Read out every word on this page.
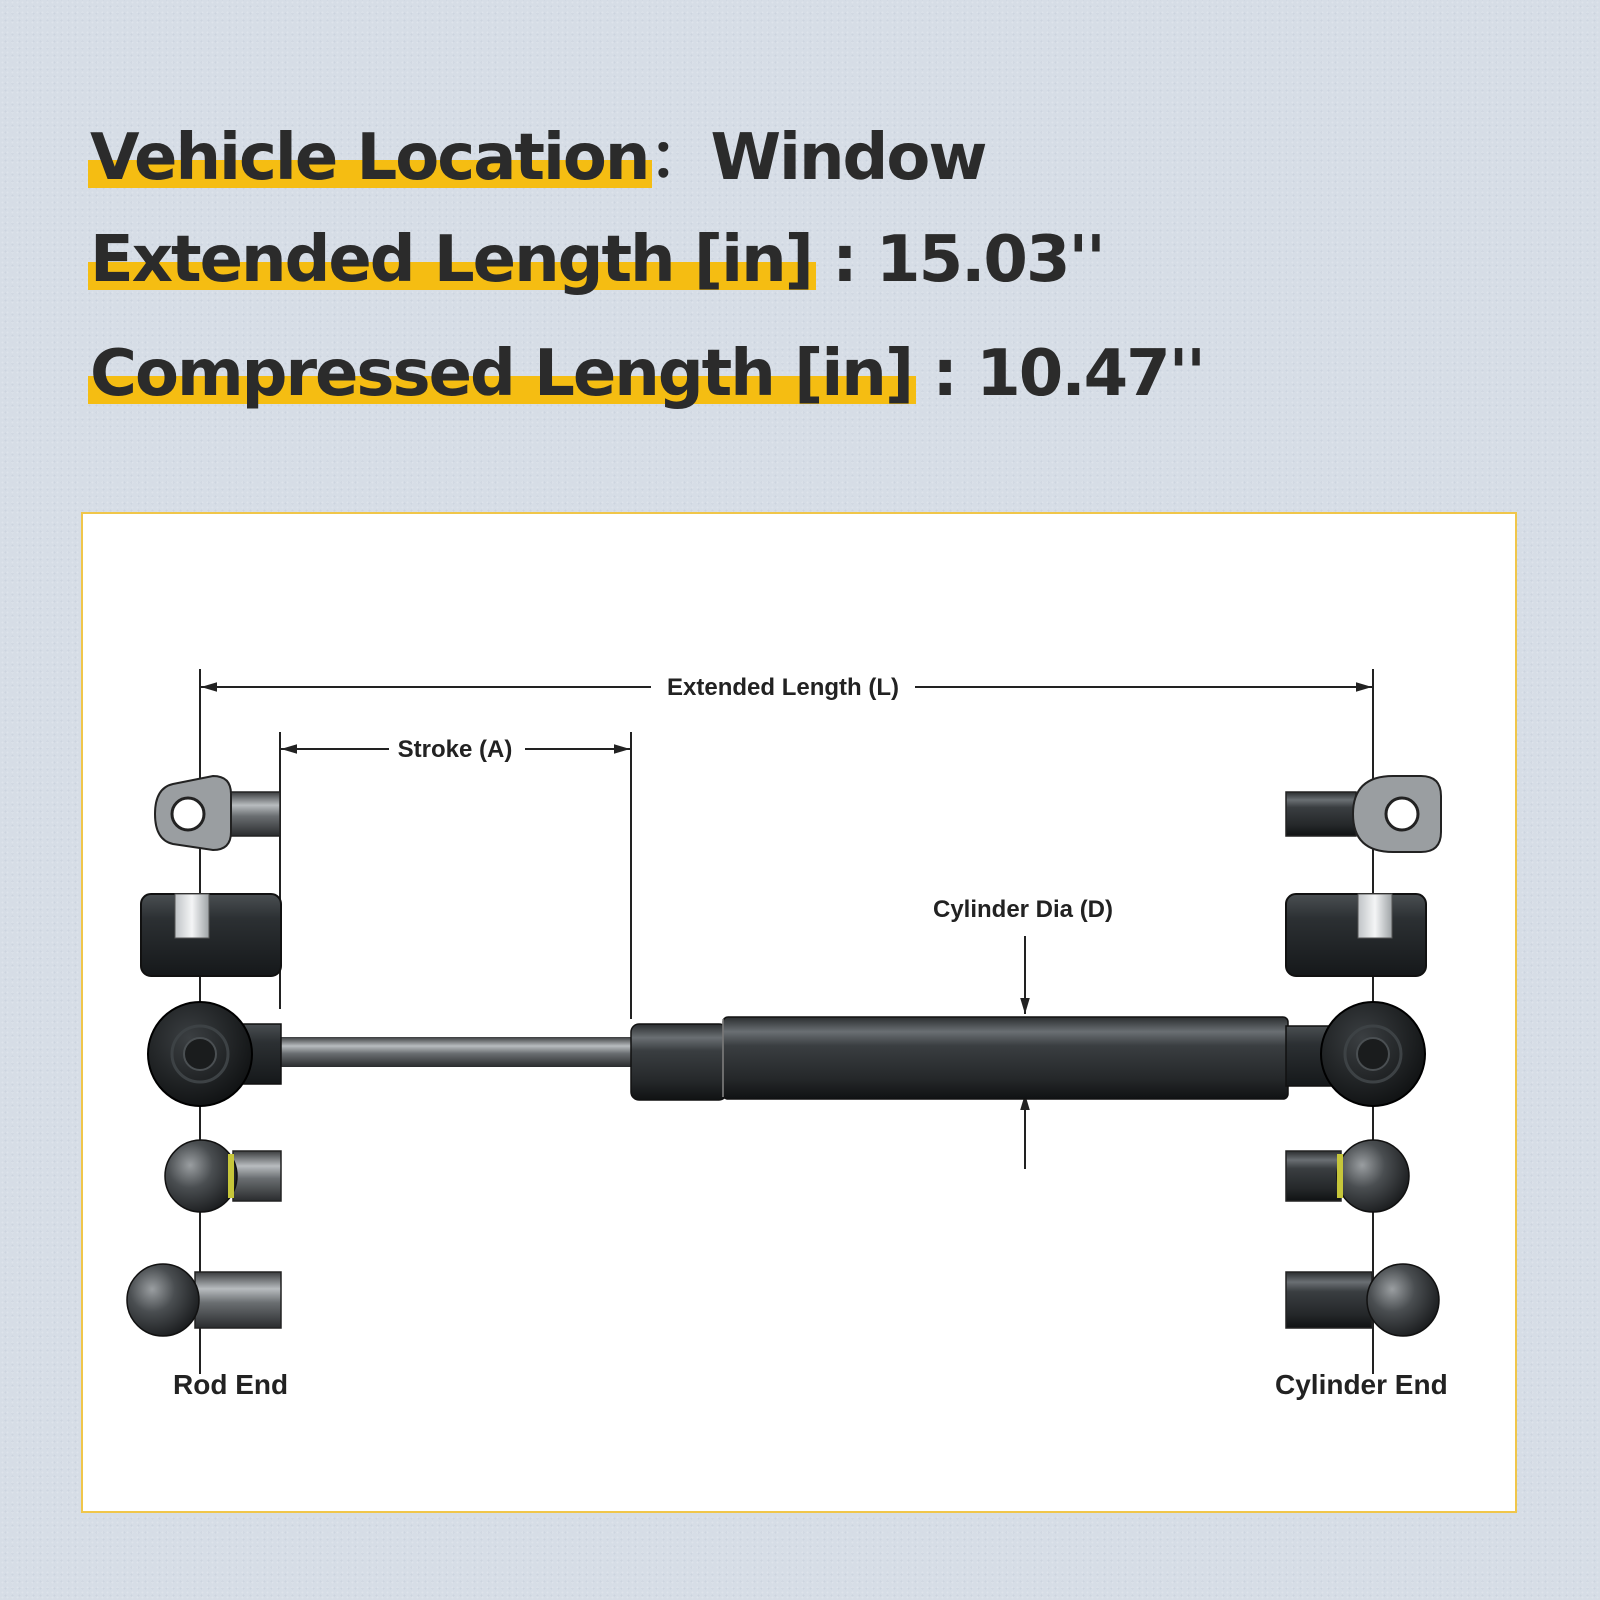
Vehicle Location：Window

Extended Length [in] : 15.03''

Compressed Length [in] : 10.47''

Extended Length (L)
Stroke (A)
Cylinder Dia (D)
Rod End	Cylinder End
